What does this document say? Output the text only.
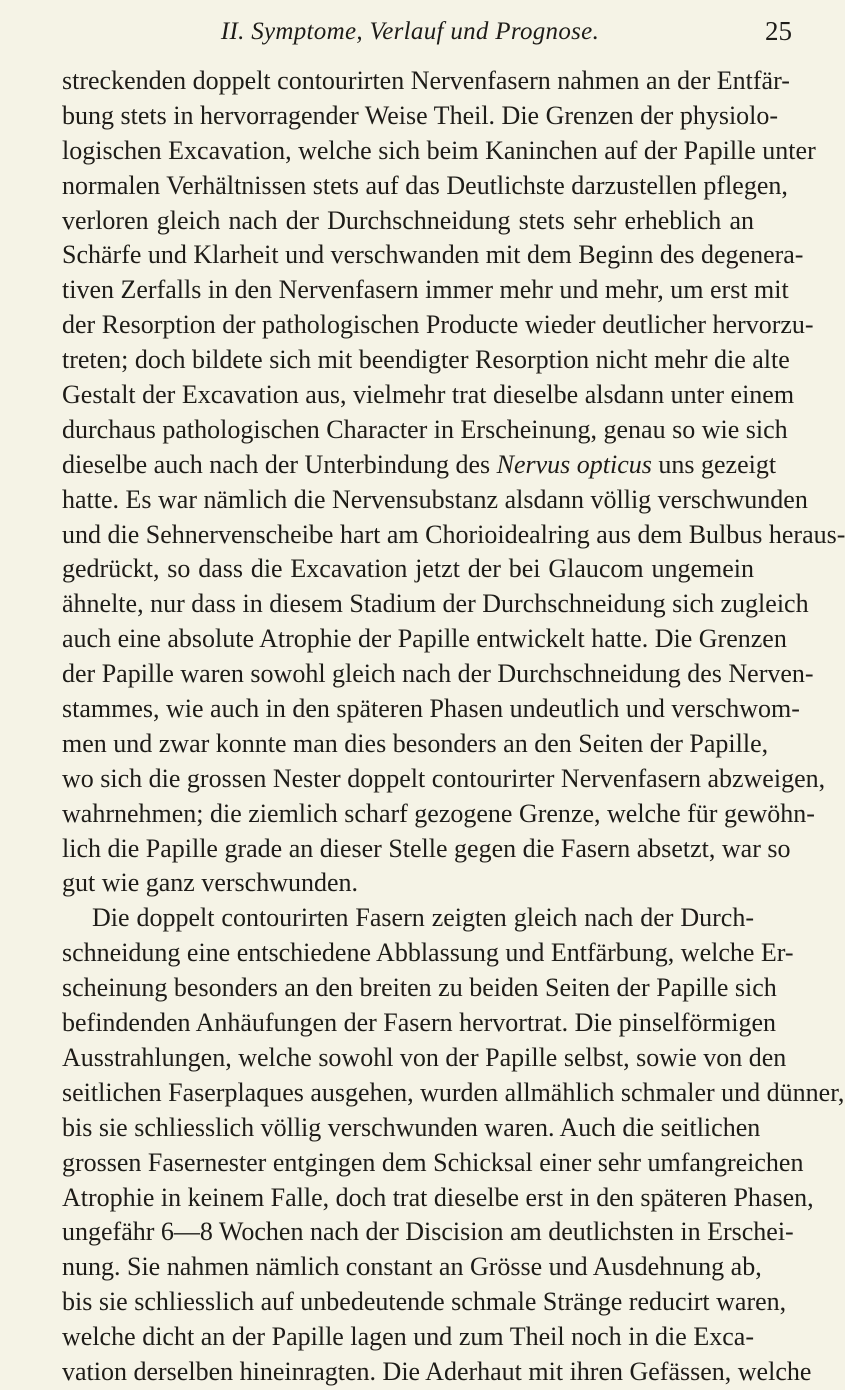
II. Symptome, Verlauf und Prognose.	25
streckenden doppelt contourirten Nervenfasern nahmen an der Entfär-
bung stets in hervorragender Weise Theil. Die Grenzen der physiolo-
logischen Excavation, welche sich beim Kaninchen auf der Papille unter
normalen Verhältnissen stets auf das Deutlichste darzustellen pflegen,
verloren gleich nach der Durchschneidung stets sehr erheblich an
Schärfe und Klarheit und verschwanden mit dem Beginn des degenera-
tiven Zerfalls in den Nervenfasern immer mehr und mehr, um erst mit
der Resorption der pathologischen Producte wieder deutlicher hervorzu-
treten; doch bildete sich mit beendigter Resorption nicht mehr die alte
Gestalt der Excavation aus, vielmehr trat dieselbe alsdann unter einem
durchaus pathologischen Character in Erscheinung, genau so wie sich
dieselbe auch nach der Unterbindung des Nervus opticus uns gezeigt
hatte. Es war nämlich die Nervensubstanz alsdann völlig verschwunden
und die Sehnervenscheibe hart am Chorioidealring aus dem Bulbus heraus-
gedrückt, so dass die Excavation jetzt der bei Glaucom ungemein
ähnelte, nur dass in diesem Stadium der Durchschneidung sich zugleich
auch eine absolute Atrophie der Papille entwickelt hatte. Die Grenzen
der Papille waren sowohl gleich nach der Durchschneidung des Nerven-
stammes, wie auch in den späteren Phasen undeutlich und verschwom-
men und zwar konnte man dies besonders an den Seiten der Papille,
wo sich die grossen Nester doppelt contourirter Nervenfasern abzweigen,
wahrnehmen; die ziemlich scharf gezogene Grenze, welche für gewöhn-
lich die Papille grade an dieser Stelle gegen die Fasern absetzt, war so
gut wie ganz verschwunden.
Die doppelt contourirten Fasern zeigten gleich nach der Durch-
schneidung eine entschiedene Abblassung und Entfärbung, welche Er-
scheinung besonders an den breiten zu beiden Seiten der Papille sich
befindenden Anhäufungen der Fasern hervortrat. Die pinselförmigen
Ausstrahlungen, welche sowohl von der Papille selbst, sowie von den
seitlichen Faserplaques ausgehen, wurden allmählich schmaler und dünner,
bis sie schliesslich völlig verschwunden waren. Auch die seitlichen
grossen Fasernester entgingen dem Schicksal einer sehr umfangreichen
Atrophie in keinem Falle, doch trat dieselbe erst in den späteren Phasen,
ungefähr 6—8 Wochen nach der Discision am deutlichsten in Erschei-
nung. Sie nahmen nämlich constant an Grösse und Ausdehnung ab,
bis sie schliesslich auf unbedeutende schmale Stränge reducirt waren,
welche dicht an der Papille lagen und zum Theil noch in die Exca-
vation derselben hineinragten. Die Aderhaut mit ihren Gefässen, welche
